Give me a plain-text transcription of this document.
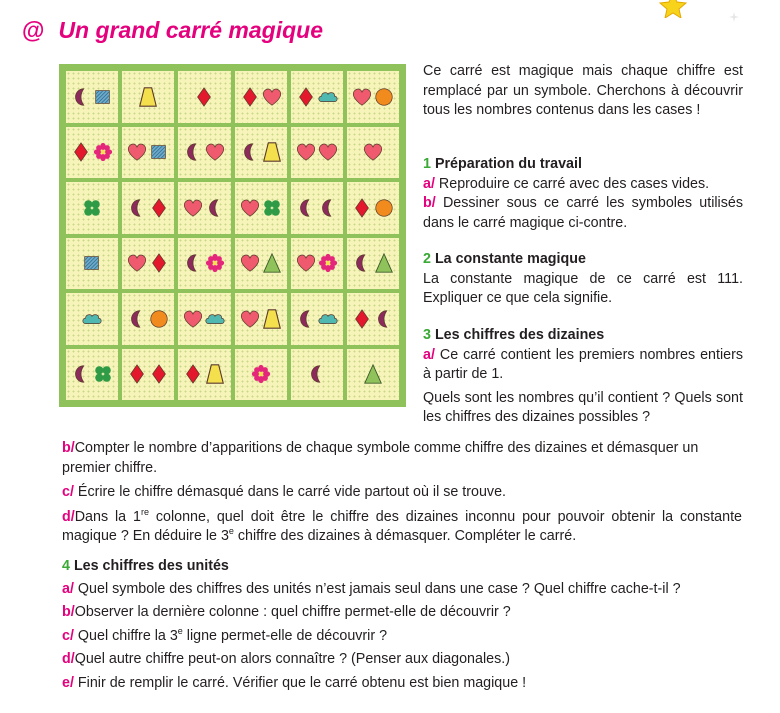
@ Un grand carré magique

Ce carré est magique mais chaque chiffre est remplacé par un symbole. Cherchons à découvrir tous les nombres contenus dans les cases !

1 Préparation du travail

a/ Reproduire ce carré avec des cases vides.

b/ Dessiner sous ce carré les symboles utilisés dans le carré magique ci-contre.

2 La constante magique

La constante magique de ce carré est 111. Expliquer ce que cela signifie.

3 Les chiffres des dizaines

a/ Ce carré contient les premiers nombres entiers à partir de 1.

Quels sont les nombres qu’il contient ? Quels sont les chiffres des dizaines possibles ?

b/Compter le nombre d’apparitions de chaque symbole comme chiffre des dizaines et démasquer un premier chiffre.

c/ Écrire le chiffre démasqué dans le carré vide partout où il se trouve.

d/Dans la 1re colonne, quel doit être le chiffre des dizaines inconnu pour pouvoir obtenir la constante magique ? En déduire le 3e chiffre des dizaines à démasquer. Compléter le carré.

4 Les chiffres des unités

a/ Quel symbole des chiffres des unités n’est jamais seul dans une case ? Quel chiffre cache-t-il ?

b/Observer la dernière colonne : quel chiffre permet-elle de découvrir ?

c/ Quel chiffre la 3e ligne permet-elle de découvrir ?

d/Quel autre chiffre peut-on alors connaître ? (Penser aux diagonales.)

e/ Finir de remplir le carré. Vérifier que le carré obtenu est bien magique !
